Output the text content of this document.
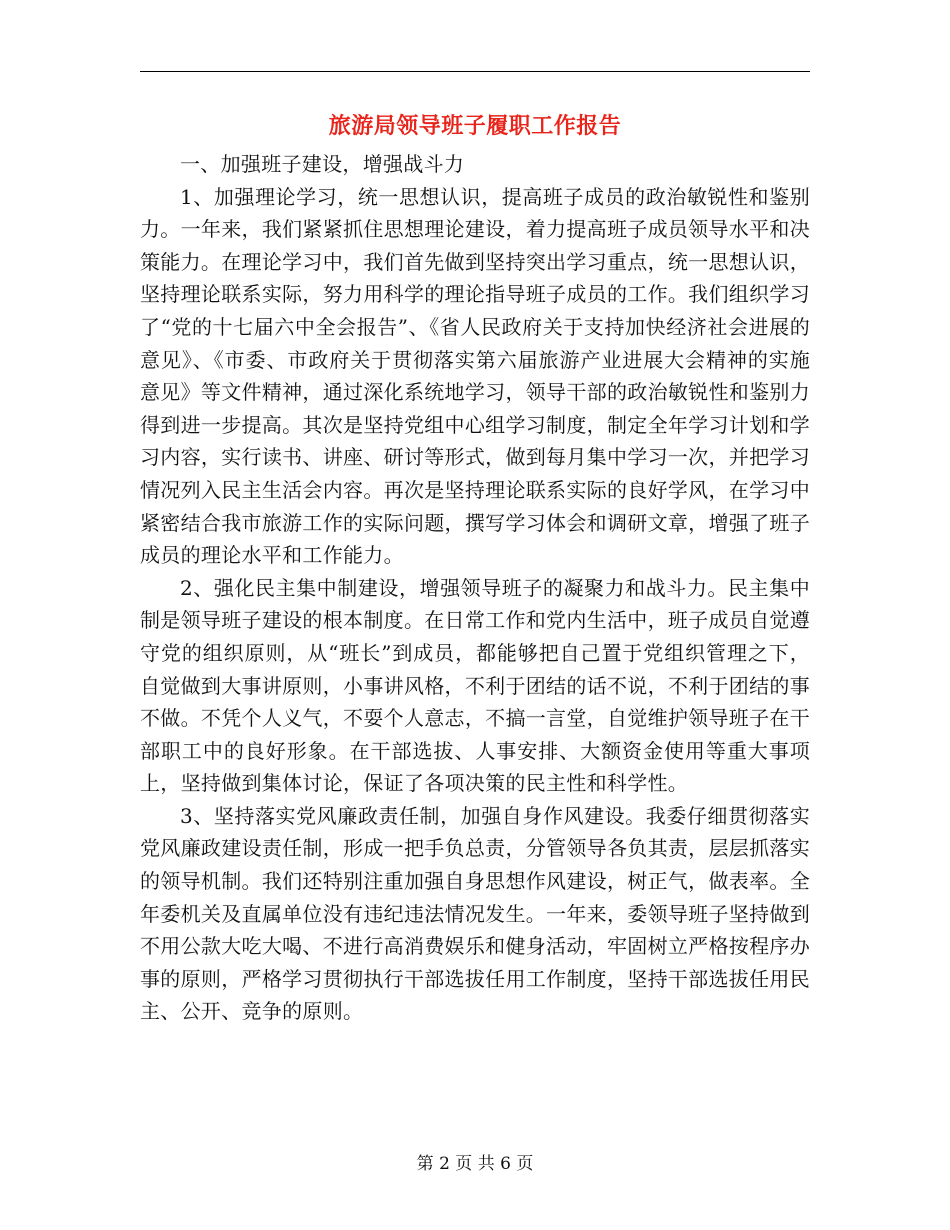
旅游局领导班子履职工作报告

一、加强班子建设，增强战斗力

1、加强理论学习，统一思想认识，提高班子成员的政治敏锐性和鉴别力。一年来，我们紧紧抓住思想理论建设，着力提高班子成员领导水平和决策能力。在理论学习中，我们首先做到坚持突出学习重点，统一思想认识，坚持理论联系实际，努力用科学的理论指导班子成员的工作。我们组织学习了“党的十七届六中全会报告”、《省人民政府关于支持加快经济社会进展的意见》、《市委、市政府关于贯彻落实第六届旅游产业进展大会精神的实施意见》等文件精神，通过深化系统地学习，领导干部的政治敏锐性和鉴别力得到进一步提高。其次是坚持党组中心组学习制度，制定全年学习计划和学习内容，实行读书、讲座、研讨等形式，做到每月集中学习一次，并把学习情况列入民主生活会内容。再次是坚持理论联系实际的良好学风，在学习中紧密结合我市旅游工作的实际问题，撰写学习体会和调研文章，增强了班子成员的理论水平和工作能力。

2、强化民主集中制建设，增强领导班子的凝聚力和战斗力。民主集中制是领导班子建设的根本制度。在日常工作和党内生活中，班子成员自觉遵守党的组织原则，从“班长”到成员，都能够把自己置于党组织管理之下，自觉做到大事讲原则，小事讲风格，不利于团结的话不说，不利于团结的事不做。不凭个人义气，不耍个人意志，不搞一言堂，自觉维护领导班子在干部职工中的良好形象。在干部选拔、人事安排、大额资金使用等重大事项上，坚持做到集体讨论，保证了各项决策的民主性和科学性。

3、坚持落实党风廉政责任制，加强自身作风建设。我委仔细贯彻落实党风廉政建设责任制，形成一把手负总责，分管领导各负其责，层层抓落实的领导机制。我们还特别注重加强自身思想作风建设，树正气，做表率。全年委机关及直属单位没有违纪违法情况发生。一年来，委领导班子坚持做到不用公款大吃大喝、不进行高消费娱乐和健身活动，牢固树立严格按程序办事的原则，严格学习贯彻执行干部选拔任用工作制度，坚持干部选拔任用民主、公开、竞争的原则。

第 2 页 共 6 页
